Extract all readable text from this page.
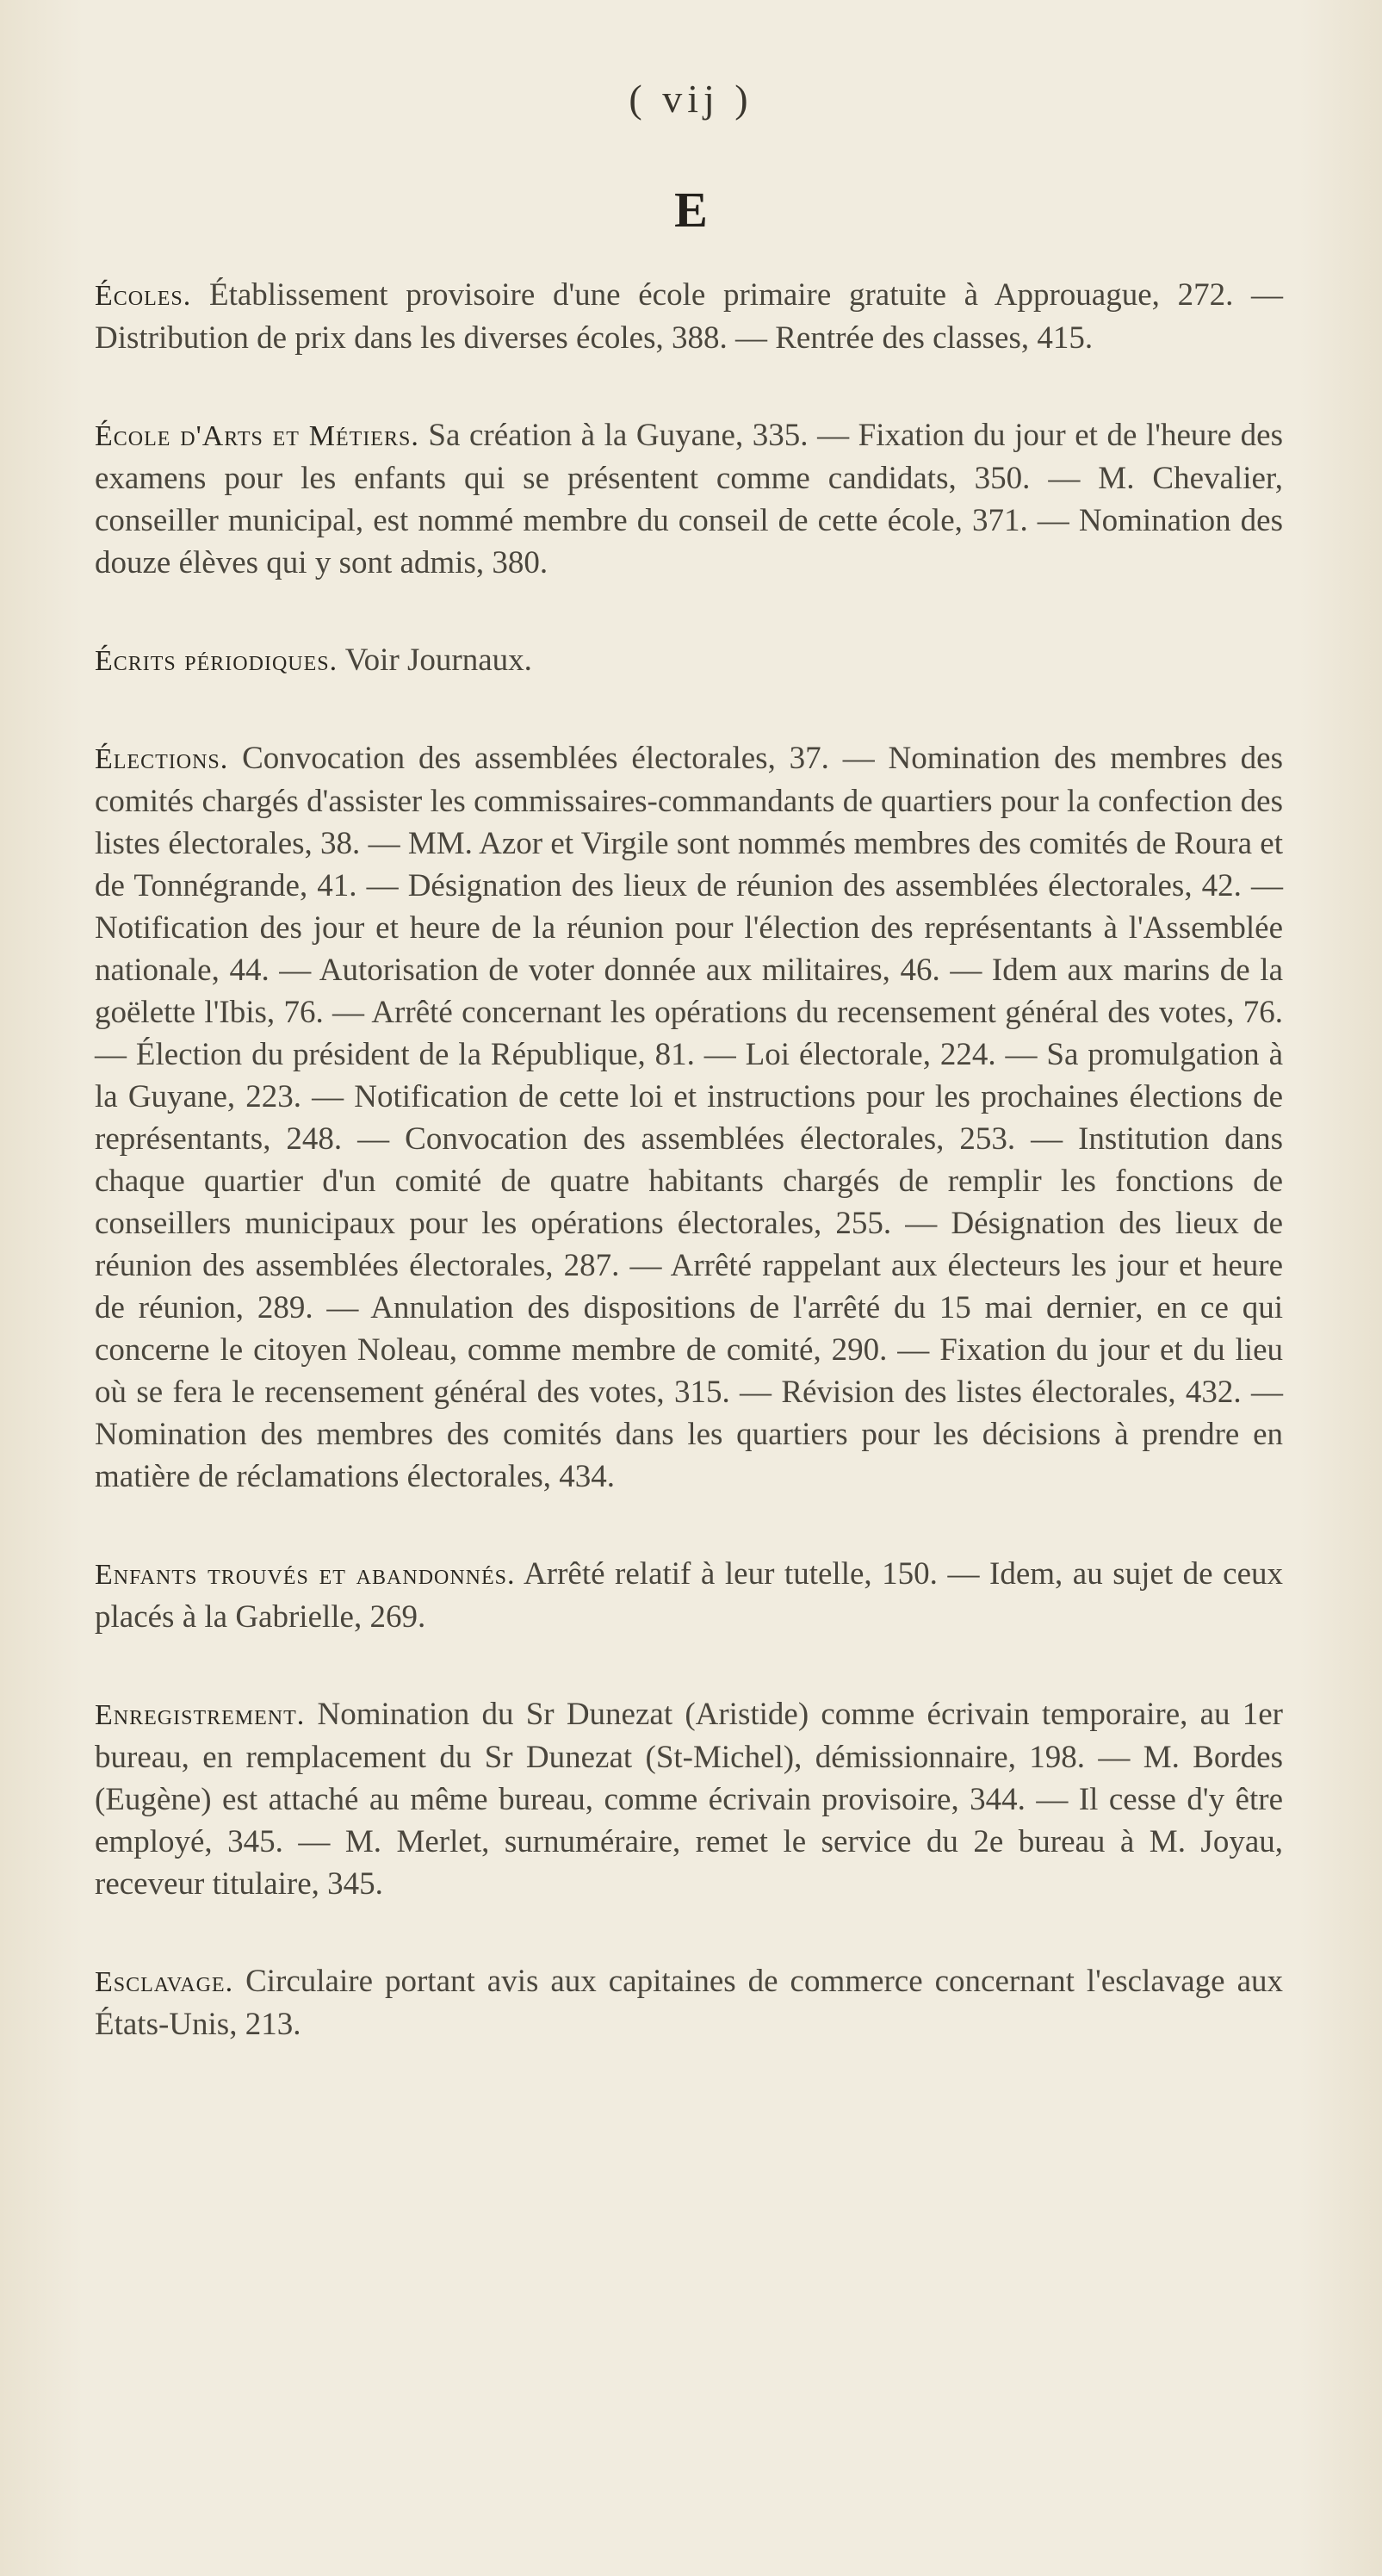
( vij )
E

Écoles. Établissement provisoire d'une école primaire gratuite à Approuague, 272. — Distribution de prix dans les diverses écoles, 388. — Rentrée des classes, 415.

École d'Arts et Métiers. Sa création à la Guyane, 335. — Fixation du jour et de l'heure des examens pour les enfants qui se présentent comme candidats, 350. — M. Chevalier, conseiller municipal, est nommé membre du conseil de cette école, 371. — Nomination des douze élèves qui y sont admis, 380.

Écrits périodiques. Voir Journaux.

Élections. Convocation des assemblées électorales, 37. — Nomination des membres des comités chargés d'assister les commissaires-commandants de quartiers pour la confection des listes électorales, 38. — MM. Azor et Virgile sont nommés membres des comités de Roura et de Tonnégrande, 41. — Désignation des lieux de réunion des assemblées électorales, 42. — Notification des jour et heure de la réunion pour l'élection des représentants à l'Assemblée nationale, 44. — Autorisation de voter donnée aux militaires, 46. — Idem aux marins de la goëlette l'Ibis, 76. — Arrêté concernant les opérations du recensement général des votes, 76. — Élection du président de la République, 81. — Loi électorale, 224. — Sa promulgation à la Guyane, 223. — Notification de cette loi et instructions pour les prochaines élections de représentants, 248. — Convocation des assemblées électorales, 253. — Institution dans chaque quartier d'un comité de quatre habitants chargés de remplir les fonctions de conseillers municipaux pour les opérations électorales, 255. — Désignation des lieux de réunion des assemblées électorales, 287. — Arrêté rappelant aux électeurs les jour et heure de réunion, 289. — Annulation des dispositions de l'arrêté du 15 mai dernier, en ce qui concerne le citoyen Noleau, comme membre de comité, 290. — Fixation du jour et du lieu où se fera le recensement général des votes, 315. — Révision des listes électorales, 432. — Nomination des membres des comités dans les quartiers pour les décisions à prendre en matière de réclamations électorales, 434.

Enfants trouvés et abandonnés. Arrêté relatif à leur tutelle, 150. — Idem, au sujet de ceux placés à la Gabrielle, 269.

Enregistrement. Nomination du Sr Dunezat (Aristide) comme écrivain temporaire, au 1er bureau, en remplacement du Sr Dunezat (St-Michel), démissionnaire, 198. — M. Bordes (Eugène) est attaché au même bureau, comme écrivain provisoire, 344. — Il cesse d'y être employé, 345. — M. Merlet, surnuméraire, remet le service du 2e bureau à M. Joyau, receveur titulaire, 345.

Esclavage. Circulaire portant avis aux capitaines de commerce concernant l'esclavage aux États-Unis, 213.
